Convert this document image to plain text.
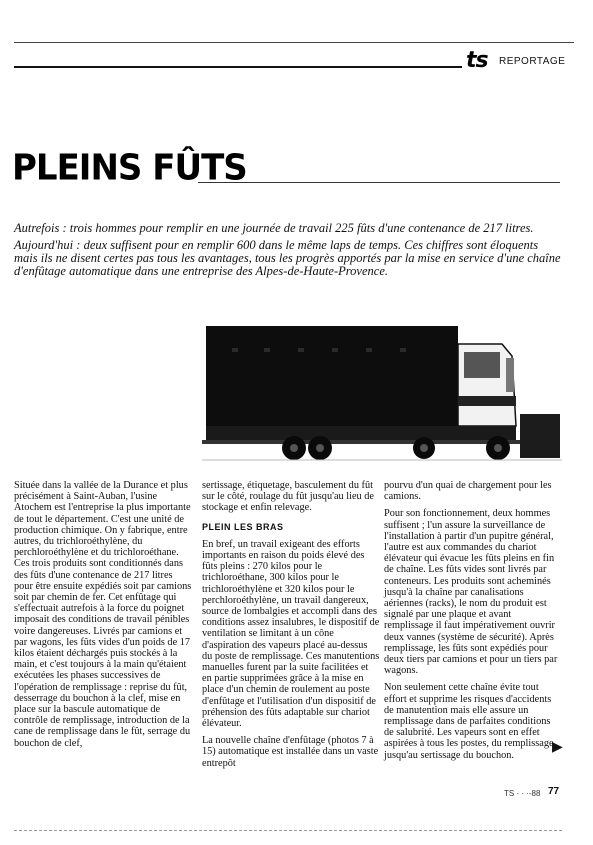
ts REPORTAGE
PLEINS FÛTS

Autrefois : trois hommes pour remplir en une journée de travail 225 fûts d'une contenance de 217 litres.

Aujourd'hui : deux suffisent pour en remplir 600 dans le même laps de temps. Ces chiffres sont éloquents mais ils ne disent certes pas tous les avantages, tous les progrès apportés par la mise en service d'une chaîne d'enfûtage automatique dans une entreprise des Alpes-de-Haute-Provence.

Située dans la vallée de la Durance et plus précisément à Saint-Auban, l'usine Atochem est l'entreprise la plus importante de tout le département. C'est une unité de production chimique. On y fabrique, entre autres, du trichloroéthylène, du perchloroéthylène et du trichloroéthane. Ces trois produits sont conditionnés dans des fûts d'une contenance de 217 litres pour être ensuite expédiés soit par camions soit par chemin de fer. Cet enfûtage qui s'effectuait autrefois à la force du poignet imposait des conditions de travail pénibles voire dangereuses. Livrés par camions et par wagons, les fûts vides d'un poids de 17 kilos étaient déchargés puis stockés à la main, et c'est toujours à la main qu'étaient exécutées les phases successives de l'opération de remplissage : reprise du fût, desserrage du bouchon à la clef, mise en place sur la bascule automatique de contrôle de remplissage, introduction de la cane de remplissage dans le fût, serrage du bouchon de clef,

sertissage, étiquetage, basculement du fût sur le côté, roulage du fût jusqu'au lieu de stockage et enfin relevage.

PLEIN LES BRAS

En bref, un travail exigeant des efforts importants en raison du poids élevé des fûts pleins : 270 kilos pour le trichloroéthane, 300 kilos pour le trichloroéthylène et 320 kilos pour le perchloroéthylène, un travail dangereux, source de lombalgies et accompli dans des conditions assez insalubres, le dispositif de ventilation se limitant à un cône d'aspiration des vapeurs placé au-dessus du poste de remplissage. Ces manutentions manuelles furent par la suite facilitées et en partie supprimées grâce à la mise en place d'un chemin de roulement au poste d'enfûtage et l'utilisation d'un dispositif de préhension des fûts adaptable sur chariot élévateur.

La nouvelle chaîne d'enfûtage (photos 7 à 15) automatique est installée dans un vaste entrepôt

pourvu d'un quai de chargement pour les camions.

Pour son fonctionnement, deux hommes suffisent ; l'un assure la surveillance de l'installation à partir d'un pupitre général, l'autre est aux commandes du chariot élévateur qui évacue les fûts pleins en fin de chaîne. Les fûts vides sont livrés par conteneurs. Les produits sont acheminés jusqu'à la chaîne par canalisations aériennes (racks), le nom du produit est signalé par une plaque et avant remplissage il faut impérativement ouvrir deux vannes (système de sécurité). Après remplissage, les fûts sont expédiés pour deux tiers par camions et pour un tiers par wagons.

Non seulement cette chaîne évite tout effort et supprime les risques d'accidents de manutention mais elle assure un remplissage dans de parfaites conditions de salubrité. Les vapeurs sont en effet aspirées à tous les postes, du remplissage jusqu'au sertissage du bouchon.

▶
TS · · ·-88 77
